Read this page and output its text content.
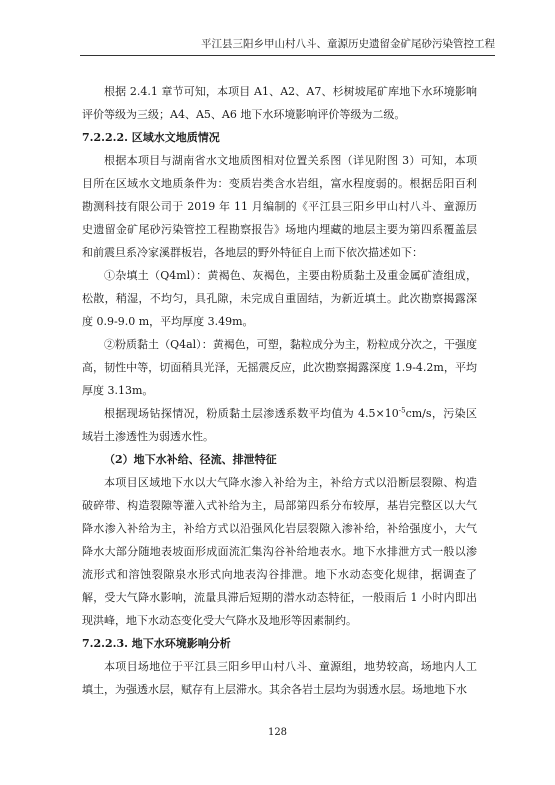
平江县三阳乡甲山村八斗、童源历史遗留金矿尾砂污染管控工程

根据 2.4.1 章节可知，本项目 A1、A2、A7、杉树坡尾矿库地下水环境影响评价等级为三级；A4、A5、A6 地下水环境影响评价等级为二级。

7.2.2.2. 区域水文地质情况

根据本项目与湖南省水文地质图相对位置关系图（详见附图 3）可知，本项目所在区域水文地质条件为：变质岩类含水岩组，富水程度弱的。根据岳阳百利勘测科技有限公司于 2019 年 11 月编制的《平江县三阳乡甲山村八斗、童源历史遗留金矿尾砂污染管控工程勘察报告》场地内埋藏的地层主要为第四系覆盖层和前震旦系冷家溪群板岩，各地层的野外特征自上而下依次描述如下：

①杂填土（Q4ml）：黄褐色、灰褐色，主要由粉质黏土及重金属矿渣组成，松散，稍湿，不均匀，具孔隙，未完成自重固结，为新近填土。此次勘察揭露深度 0.9-9.0 m，平均厚度 3.49m。

②粉质黏土（Q4al）：黄褐色，可塑，黏粒成分为主，粉粒成分次之，干强度高，韧性中等，切面稍具光泽，无摇震反应，此次勘察揭露深度 1.9-4.2m，平均厚度 3.13m。

根据现场钻探情况，粉质黏土层渗透系数平均值为 $4.5\times 10^{-5}cm/s$，污染区域岩土渗透性为弱透水性。

（2）地下水补给、径流、排泄特征

本项目区域地下水以大气降水渗入补给为主，补给方式以沿断层裂隙、构造破碎带、构造裂隙等灌入式补给为主，局部第四系分布较厚，基岩完整区以大气降水渗入补给为主，补给方式以沿强风化岩层裂隙入渗补给，补给强度小，大气降水大部分随地表坡面形成面流汇集沟谷补给地表水。地下水排泄方式一般以渗流形式和溶蚀裂隙泉水形式向地表沟谷排泄。地下水动态变化规律，据调查了解，受大气降水影响，流量具滞后短期的潜水动态特征，一般雨后 1 小时内即出现洪峰，地下水动态变化受大气降水及地形等因素制约。

7.2.2.3. 地下水环境影响分析

本项目场地位于平江县三阳乡甲山村八斗、童源组，地势较高，场地内人工填土，为强透水层，赋存有上层滞水。其余各岩土层均为弱透水层。场地地下水

128
